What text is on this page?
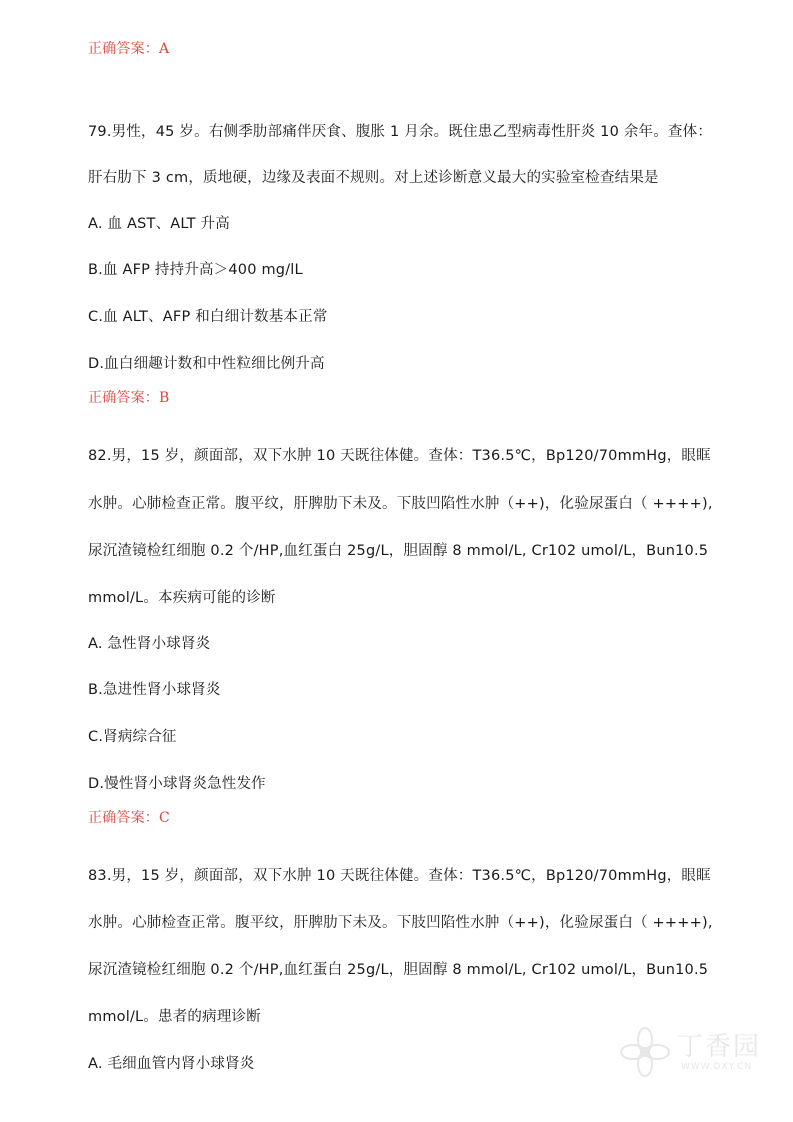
正确答案：A
79.男性，45 岁。右侧季肋部痛伴厌食、腹胀 1 月余。既住患乙型病毒性肝炎 10 余年。查体：
肝右肋下 3 cm，质地硬，边缘及表面不规则。对上述诊断意义最大的实验室检查结果是
A. 血 AST、ALT 升高
B.血 AFP 持持升高＞400 mg/lL
C.血 ALT、AFP 和白细计数基本正常
D.血白细趣计数和中性粒细比例升高
正确答案：B
82.男，15 岁，颜面部，双下水肿 10 天既往体健。查体：T36.5℃，Bp120/70mmHg，眼眶
水肿。心肺检查正常。腹平纹，肝脾肋下未及。下肢凹陷性水肿（++)，化验尿蛋白（ ++++),
尿沉渣镜检红细胞 0.2 个/HP,血红蛋白 25g/L，胆固醇 8 mmol/L, Cr102 umol/L，Bun10.5
mmol/L。本疾病可能的诊断
A. 急性肾小球肾炎
B.急进性肾小球肾炎
C.肾病综合征
D.慢性肾小球肾炎急性发作
正确答案：C
83.男，15 岁，颜面部，双下水肿 10 天既往体健。查体：T36.5℃，Bp120/70mmHg，眼眶
水肿。心肺检查正常。腹平纹，肝脾肋下未及。下肢凹陷性水肿（++)，化验尿蛋白（ ++++),
尿沉渣镜检红细胞 0.2 个/HP,血红蛋白 25g/L，胆固醇 8 mmol/L, Cr102 umol/L，Bun10.5
mmol/L。患者的病理诊断
A. 毛细血管内肾小球肾炎
丁香园
WWW.DXY.CN
